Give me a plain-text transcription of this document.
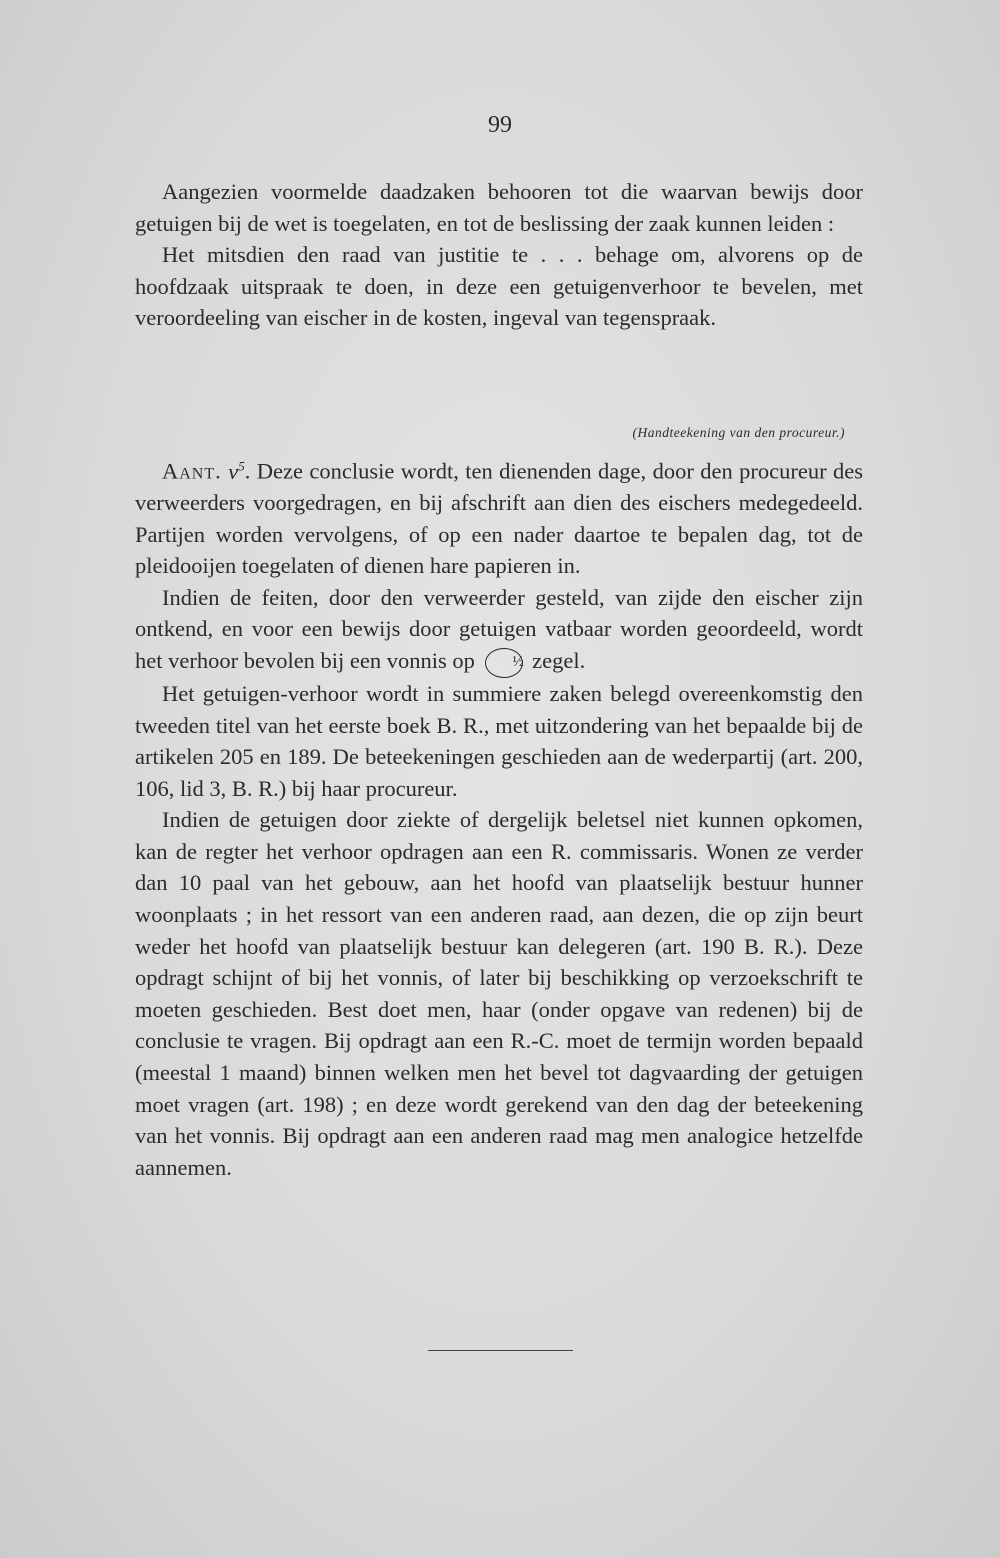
99

Aangezien voormelde daadzaken behooren tot die waarvan bewijs door getuigen bij de wet is toegelaten, en tot de beslissing der zaak kunnen leiden :

Het mitsdien den raad van justitie te . . . behage om, alvorens op de hoofdzaak uitspraak te doen, in deze een getuigenverhoor te bevelen, met veroordeeling van eischer in de kosten, ingeval van tegenspraak.

(Handteekening van den procureur.)

Aant. $v^5$. Deze conclusie wordt, ten dienenden dage, door den procureur des verweerders voorgedragen, en bij afschrift aan dien des eischers medegedeeld. Partijen worden vervolgens, of op een nader daartoe te bepalen dag, tot de pleidooijen toegelaten of dienen hare papieren in.

Indien de feiten, door den verweerder gesteld, van zijde den eischer zijn ontkend, en voor een bewijs door getuigen vatbaar worden geoordeeld, wordt het verhoor bevolen bij een vonnis op	½ zegel.

Het getuigen-verhoor wordt in summiere zaken belegd overeenkomstig den tweeden titel van het eerste boek B. R., met uitzondering van het bepaalde bij de artikelen 205 en 189. De beteekeningen geschieden aan de wederpartij (art. 200, 106, lid 3, B. R.) bij haar procureur.

Indien de getuigen door ziekte of dergelijk beletsel niet kunnen opkomen, kan de regter het verhoor opdragen aan een R. commissaris. Wonen ze verder dan 10 paal van het gebouw, aan het hoofd van plaatselijk bestuur hunner woonplaats ; in het ressort van een anderen raad, aan dezen, die op zijn beurt weder het hoofd van plaatselijk bestuur kan delegeren (art. 190 B. R.). Deze opdragt schijnt of bij het vonnis, of later bij beschikking op verzoekschrift te moeten geschieden. Best doet men, haar (onder opgave van redenen) bij de conclusie te vragen. Bij opdragt aan een R.-C. moet de termijn worden bepaald (meestal 1 maand) binnen welken men het bevel tot dagvaarding der getuigen moet vragen (art. 198) ; en deze wordt gerekend van den dag der beteekening van het vonnis. Bij opdragt aan een anderen raad mag men analogice hetzelfde aannemen.
